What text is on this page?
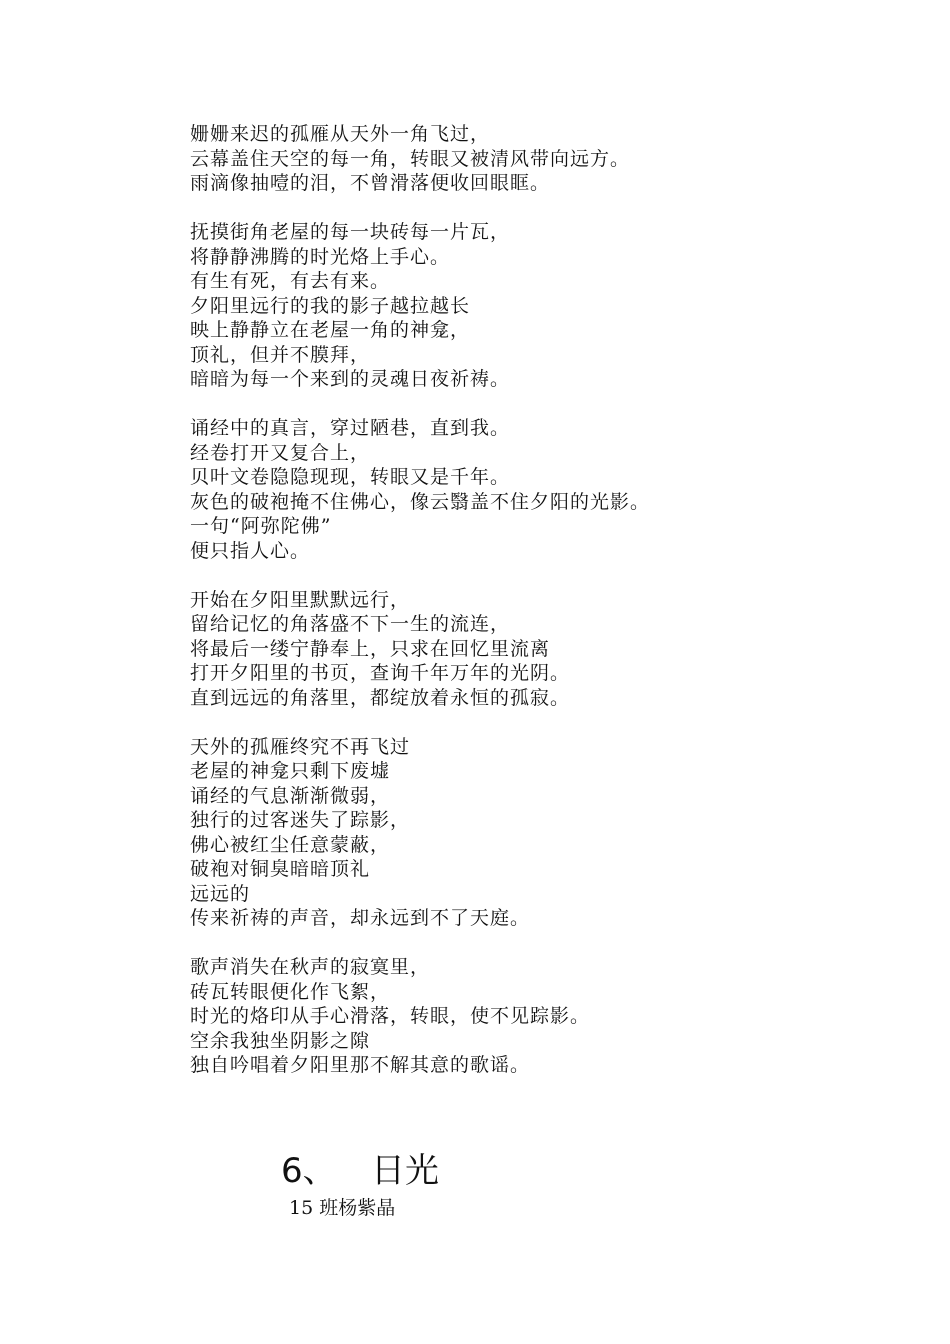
姗姗来迟的孤雁从天外一角飞过，
云幕盖住天空的每一角，转眼又被清风带向远方。
雨滴像抽噎的泪，不曾滑落便收回眼眶。
抚摸街角老屋的每一块砖每一片瓦，
将静静沸腾的时光烙上手心。
有生有死，有去有来。
夕阳里远行的我的影子越拉越长
映上静静立在老屋一角的神龛，
顶礼，但并不膜拜，
暗暗为每一个来到的灵魂日夜祈祷。
诵经中的真言，穿过陋巷，直到我。
经卷打开又复合上，
贝叶文卷隐隐现现，转眼又是千年。
灰色的破袍掩不住佛心，像云翳盖不住夕阳的光影。
一句“阿弥陀佛”
便只指人心。
开始在夕阳里默默远行，
留给记忆的角落盛不下一生的流连，
将最后一缕宁静奉上，只求在回忆里流离
打开夕阳里的书页，查询千年万年的光阴。
直到远远的角落里，都绽放着永恒的孤寂。
天外的孤雁终究不再飞过
老屋的神龛只剩下废墟
诵经的气息渐渐微弱，
独行的过客迷失了踪影，
佛心被红尘任意蒙蔽，
破袍对铜臭暗暗顶礼
远远的
传来祈祷的声音，却永远到不了天庭。
歌声消失在秋声的寂寞里，
砖瓦转眼便化作飞絮，
时光的烙印从手心滑落，转眼，使不见踪影。
空余我独坐阴影之隙
独自吟唱着夕阳里那不解其意的歌谣。
6、 日光
15 班杨紫晶
